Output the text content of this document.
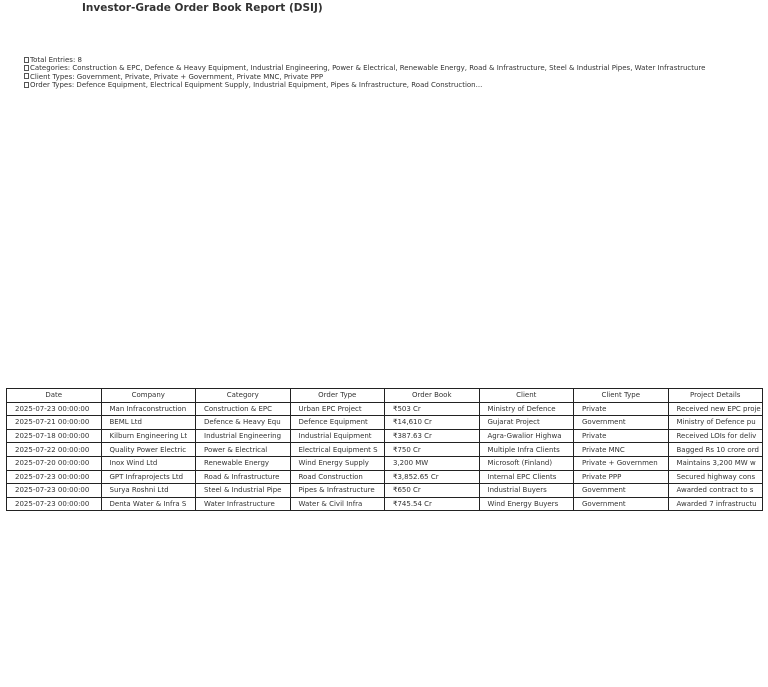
Investor-Grade Order Book Report (DSIJ)
Total Entries: 8
Categories: Construction & EPC, Defence & Heavy Equipment, Industrial Engineering, Power & Electrical, Renewable Energy, Road & Infrastructure, Steel & Industrial Pipes, Water Infrastructure
Client Types: Government, Private, Private + Government, Private MNC, Private PPP
Order Types: Defence Equipment, Electrical Equipment Supply, Industrial Equipment, Pipes & Infrastructure, Road Construction...
Date	Company	Category	Order Type	Order Book	Client	Client Type	Project Details
2025-07-23 00:00:00	Man Infraconstruction	Construction & EPC	Urban EPC Project	₹503 Cr	Ministry of Defence	Private	Received new EPC proje
2025-07-21 00:00:00	BEML Ltd	Defence & Heavy Equ	Defence Equipment	₹14,610 Cr	Gujarat Project	Government	Ministry of Defence pu
2025-07-18 00:00:00	Kilburn Engineering Lt	Industrial Engineering	Industrial Equipment	₹387.63 Cr	Agra-Gwalior Highwa	Private	Received LOIs for deliv
2025-07-22 00:00:00	Quality Power Electric	Power & Electrical	Electrical Equipment S	₹750 Cr	Multiple Infra Clients	Private MNC	Bagged Rs 10 crore ord
2025-07-20 00:00:00	Inox Wind Ltd	Renewable Energy	Wind Energy Supply	3,200 MW	Microsoft (Finland)	Private + Governmen	Maintains 3,200 MW w
2025-07-23 00:00:00	GPT Infraprojects Ltd	Road & Infrastructure	Road Construction	₹3,852.65 Cr	Internal EPC Clients	Private PPP	Secured highway cons
2025-07-23 00:00:00	Surya Roshni Ltd	Steel & Industrial Pipe	Pipes & Infrastructure	₹650 Cr	Industrial Buyers	Government	Awarded contract to s
2025-07-23 00:00:00	Denta Water & Infra S	Water Infrastructure	Water & Civil Infra	₹745.54 Cr	Wind Energy Buyers	Government	Awarded 7 infrastructu
